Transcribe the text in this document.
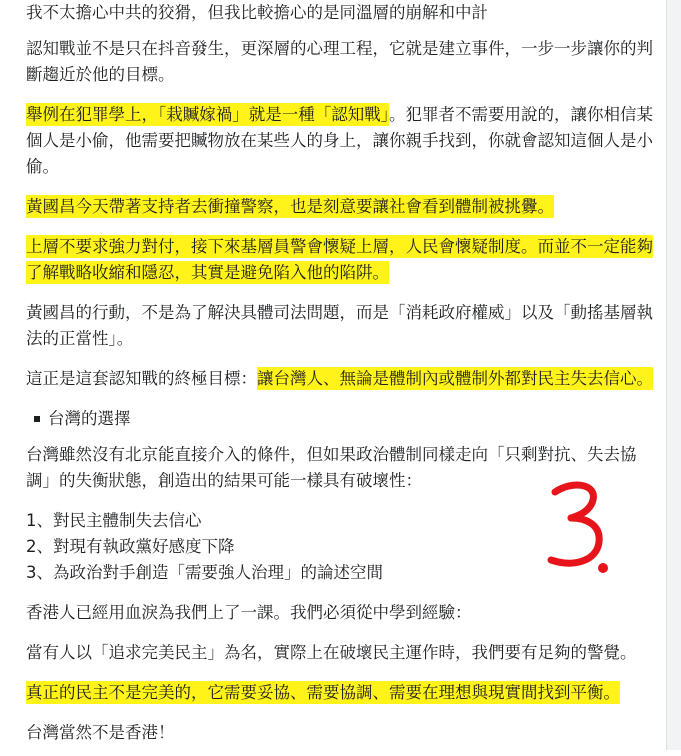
我不太擔心中共的狡猾，但我比較擔心的是同溫層的崩解和中計

認知戰並不是只在抖音發生，更深層的心理工程，它就是建立事件，一步一步讓你的判斷趨近於他的目標。

舉例在犯罪學上，「栽贓嫁禍」就是一種「認知戰」。犯罪者不需要用說的，讓你相信某個人是小偷，他需要把贓物放在某些人的身上，讓你親手找到，你就會認知這個人是小偷。

黃國昌今天帶著支持者去衝撞警察，也是刻意要讓社會看到體制被挑釁。

上層不要求強力對付，接下來基層員警會懷疑上層，人民會懷疑制度。而並不一定能夠了解戰略收縮和隱忍，其實是避免陷入他的陷阱。

黃國昌的行動，不是為了解決具體司法問題，而是「消耗政府權威」以及「動搖基層執法的正當性」。

這正是這套認知戰的終極目標：讓台灣人、無論是體制內或體制外都對民主失去信心。

台灣的選擇

台灣雖然沒有北京能直接介入的條件，但如果政治體制同樣走向「只剩對抗、失去協調」的失衡狀態，創造出的結果可能一樣具有破壞性：

1、對民主體制失去信心
2、對現有執政黨好感度下降
3、為政治對手創造「需要強人治理」的論述空間

香港人已經用血淚為我們上了一課。我們必須從中學到經驗：

當有人以「追求完美民主」為名，實際上在破壞民主運作時，我們要有足夠的警覺。

真正的民主不是完美的，它需要妥協、需要協調、需要在理想與現實間找到平衡。

台灣當然不是香港！
